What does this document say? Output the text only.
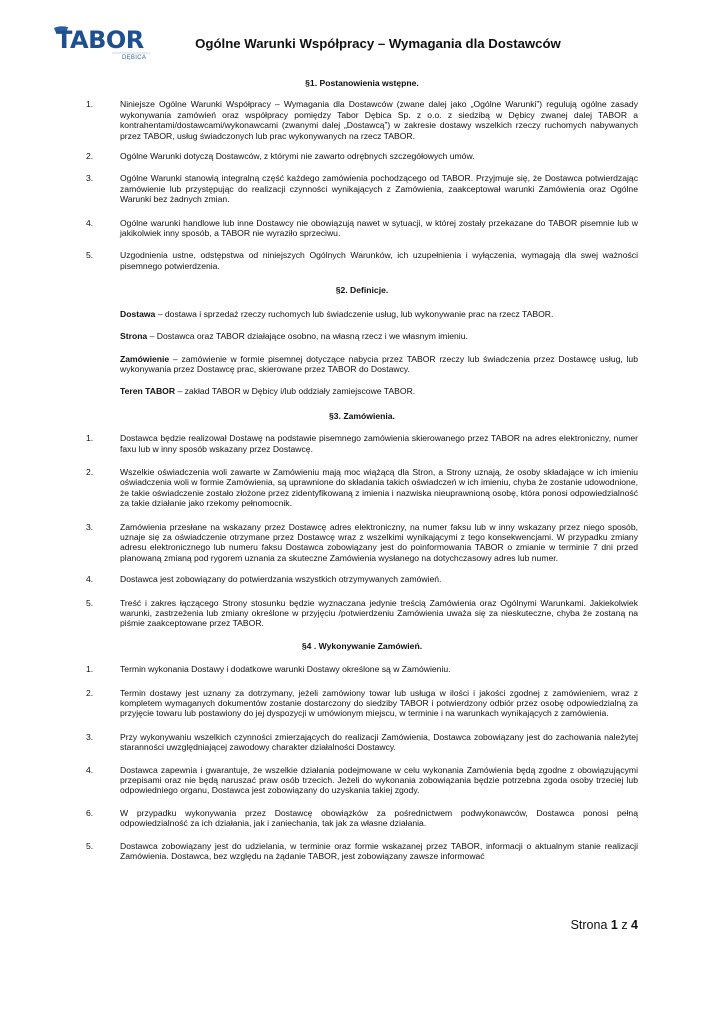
TABOR
DĘBICA
Ogólne Warunki Współpracy – Wymagania dla Dostawców

§1. Postanowienia wstępne.

1.	Niniejsze Ogólne Warunki Współpracy – Wymagania dla Dostawców (zwane dalej jako „Ogólne Warunki”) regulują ogólne zasady wykonywania zamówień oraz współpracy pomiędzy Tabor Dębica Sp. z o.o. z siedzibą w Dębicy zwanej dalej TABOR a kontrahentami/dostawcami/wykonawcami (zwanymi dalej „Dostawcą”) w zakresie dostawy wszelkich rzeczy ruchomych nabywanych przez TABOR, usług świadczonych lub prac wykonywanych na rzecz TABOR.
2.	Ogólne Warunki dotyczą Dostawców, z którymi nie zawarto odrębnych szczegółowych umów.
3.	Ogólne Warunki stanowią integralną część każdego zamówienia pochodzącego od TABOR. Przyjmuje się, że Dostawca potwierdzając zamówienie lub przystępując do realizacji czynności wynikających z Zamówienia, zaakceptował warunki Zamówienia oraz Ogólne Warunki bez żadnych zmian.
4.	Ogólne warunki handlowe lub inne Dostawcy nie obowiązują nawet w sytuacji, w której zostały przekazane do TABOR pisemnie lub w jakikolwiek inny sposób, a TABOR nie wyraziło sprzeciwu.
5.	Uzgodnienia ustne, odstępstwa od niniejszych Ogólnych Warunków, ich uzupełnienia i wyłączenia, wymagają dla swej ważności pisemnego potwierdzenia.

§2. Definicje.

Dostawa – dostawa i sprzedaż rzeczy ruchomych lub świadczenie usług, lub wykonywanie prac na rzecz TABOR.

Strona – Dostawca oraz TABOR działające osobno, na własną rzecz i we własnym imieniu.

Zamówienie – zamówienie w formie pisemnej dotyczące nabycia przez TABOR rzeczy lub świadczenia przez Dostawcę usług, lub wykonywania przez Dostawcę prac, skierowane przez TABOR do Dostawcy.

Teren TABOR – zakład TABOR w Dębicy i/lub oddziały zamiejscowe TABOR.

§3. Zamówienia.

1.	Dostawca będzie realizował Dostawę na podstawie pisemnego zamówienia skierowanego przez TABOR na adres elektroniczny, numer faxu lub w inny sposób wskazany przez Dostawcę.
2.	Wszelkie oświadczenia woli zawarte w Zamówieniu mają moc wiążącą dla Stron, a Strony uznają, że osoby składające w ich imieniu oświadczenia woli w formie Zamówienia, są uprawnione do składania takich oświadczeń w ich imieniu, chyba że zostanie udowodnione, że takie oświadczenie zostało złożone przez zidentyfikowaną z imienia i nazwiska nieuprawnioną osobę, która ponosi odpowiedzialność za takie działanie jako rzekomy pełnomocnik.
3.	Zamówienia przesłane na wskazany przez Dostawcę adres elektroniczny, na numer faksu lub w inny wskazany przez niego sposób, uznaje się za oświadczenie otrzymane przez Dostawcę wraz z wszelkimi wynikającymi z tego konsekwencjami. W przypadku zmiany adresu elektronicznego lub numeru faksu Dostawca zobowiązany jest do poinformowania TABOR o zmianie w terminie 7 dni przed planowaną zmianą pod rygorem uznania za skuteczne Zamówienia wysłanego na dotychczasowy adres lub numer.
4.	Dostawca jest zobowiązany do potwierdzania wszystkich otrzymywanych zamówień.
5.	Treść i zakres łączącego Strony stosunku będzie wyznaczana jedynie treścią Zamówienia oraz Ogólnymi Warunkami. Jakiekolwiek warunki, zastrzeżenia lub zmiany określone w przyjęciu /potwierdzeniu Zamówienia uważa się za nieskuteczne, chyba że zostaną na piśmie zaakceptowane przez TABOR.

§4 . Wykonywanie Zamówień.

1.	Termin wykonania Dostawy i dodatkowe warunki Dostawy określone są w Zamówieniu.
2.	Termin dostawy jest uznany za dotrzymany, jeżeli zamówiony towar lub usługa w ilości i jakości zgodnej z zamówieniem, wraz z kompletem wymaganych dokumentów zostanie dostarczony do siedziby TABOR i potwierdzony odbiór przez osobę odpowiedzialną za przyjęcie towaru lub postawiony do jej dyspozycji w umówionym miejscu, w terminie i na warunkach wynikających z zamówienia.
3.	Przy wykonywaniu wszelkich czynności zmierzających do realizacji Zamówienia, Dostawca zobowiązany jest do zachowania należytej staranności uwzględniającej zawodowy charakter działalności Dostawcy.
4.	Dostawca zapewnia i gwarantuje, że wszelkie działania podejmowane w celu wykonania Zamówienia będą zgodne z obowiązującymi przepisami oraz nie będą naruszać praw osób trzecich. Jeżeli do wykonania zobowiązania będzie potrzebna zgoda osoby trzeciej lub odpowiedniego organu, Dostawca jest zobowiązany do uzyskania takiej zgody.
6.	W przypadku wykonywania przez Dostawcę obowiązków za pośrednictwem podwykonawców, Dostawca ponosi pełną odpowiedzialność za ich działania, jak i zaniechania, tak jak za własne działania.
5.	Dostawca zobowiązany jest do udzielania, w terminie oraz formie wskazanej przez TABOR, informacji o aktualnym stanie realizacji Zamówienia. Dostawca, bez względu na żądanie TABOR, jest zobowiązany zawsze informować
Strona 1 z 4
